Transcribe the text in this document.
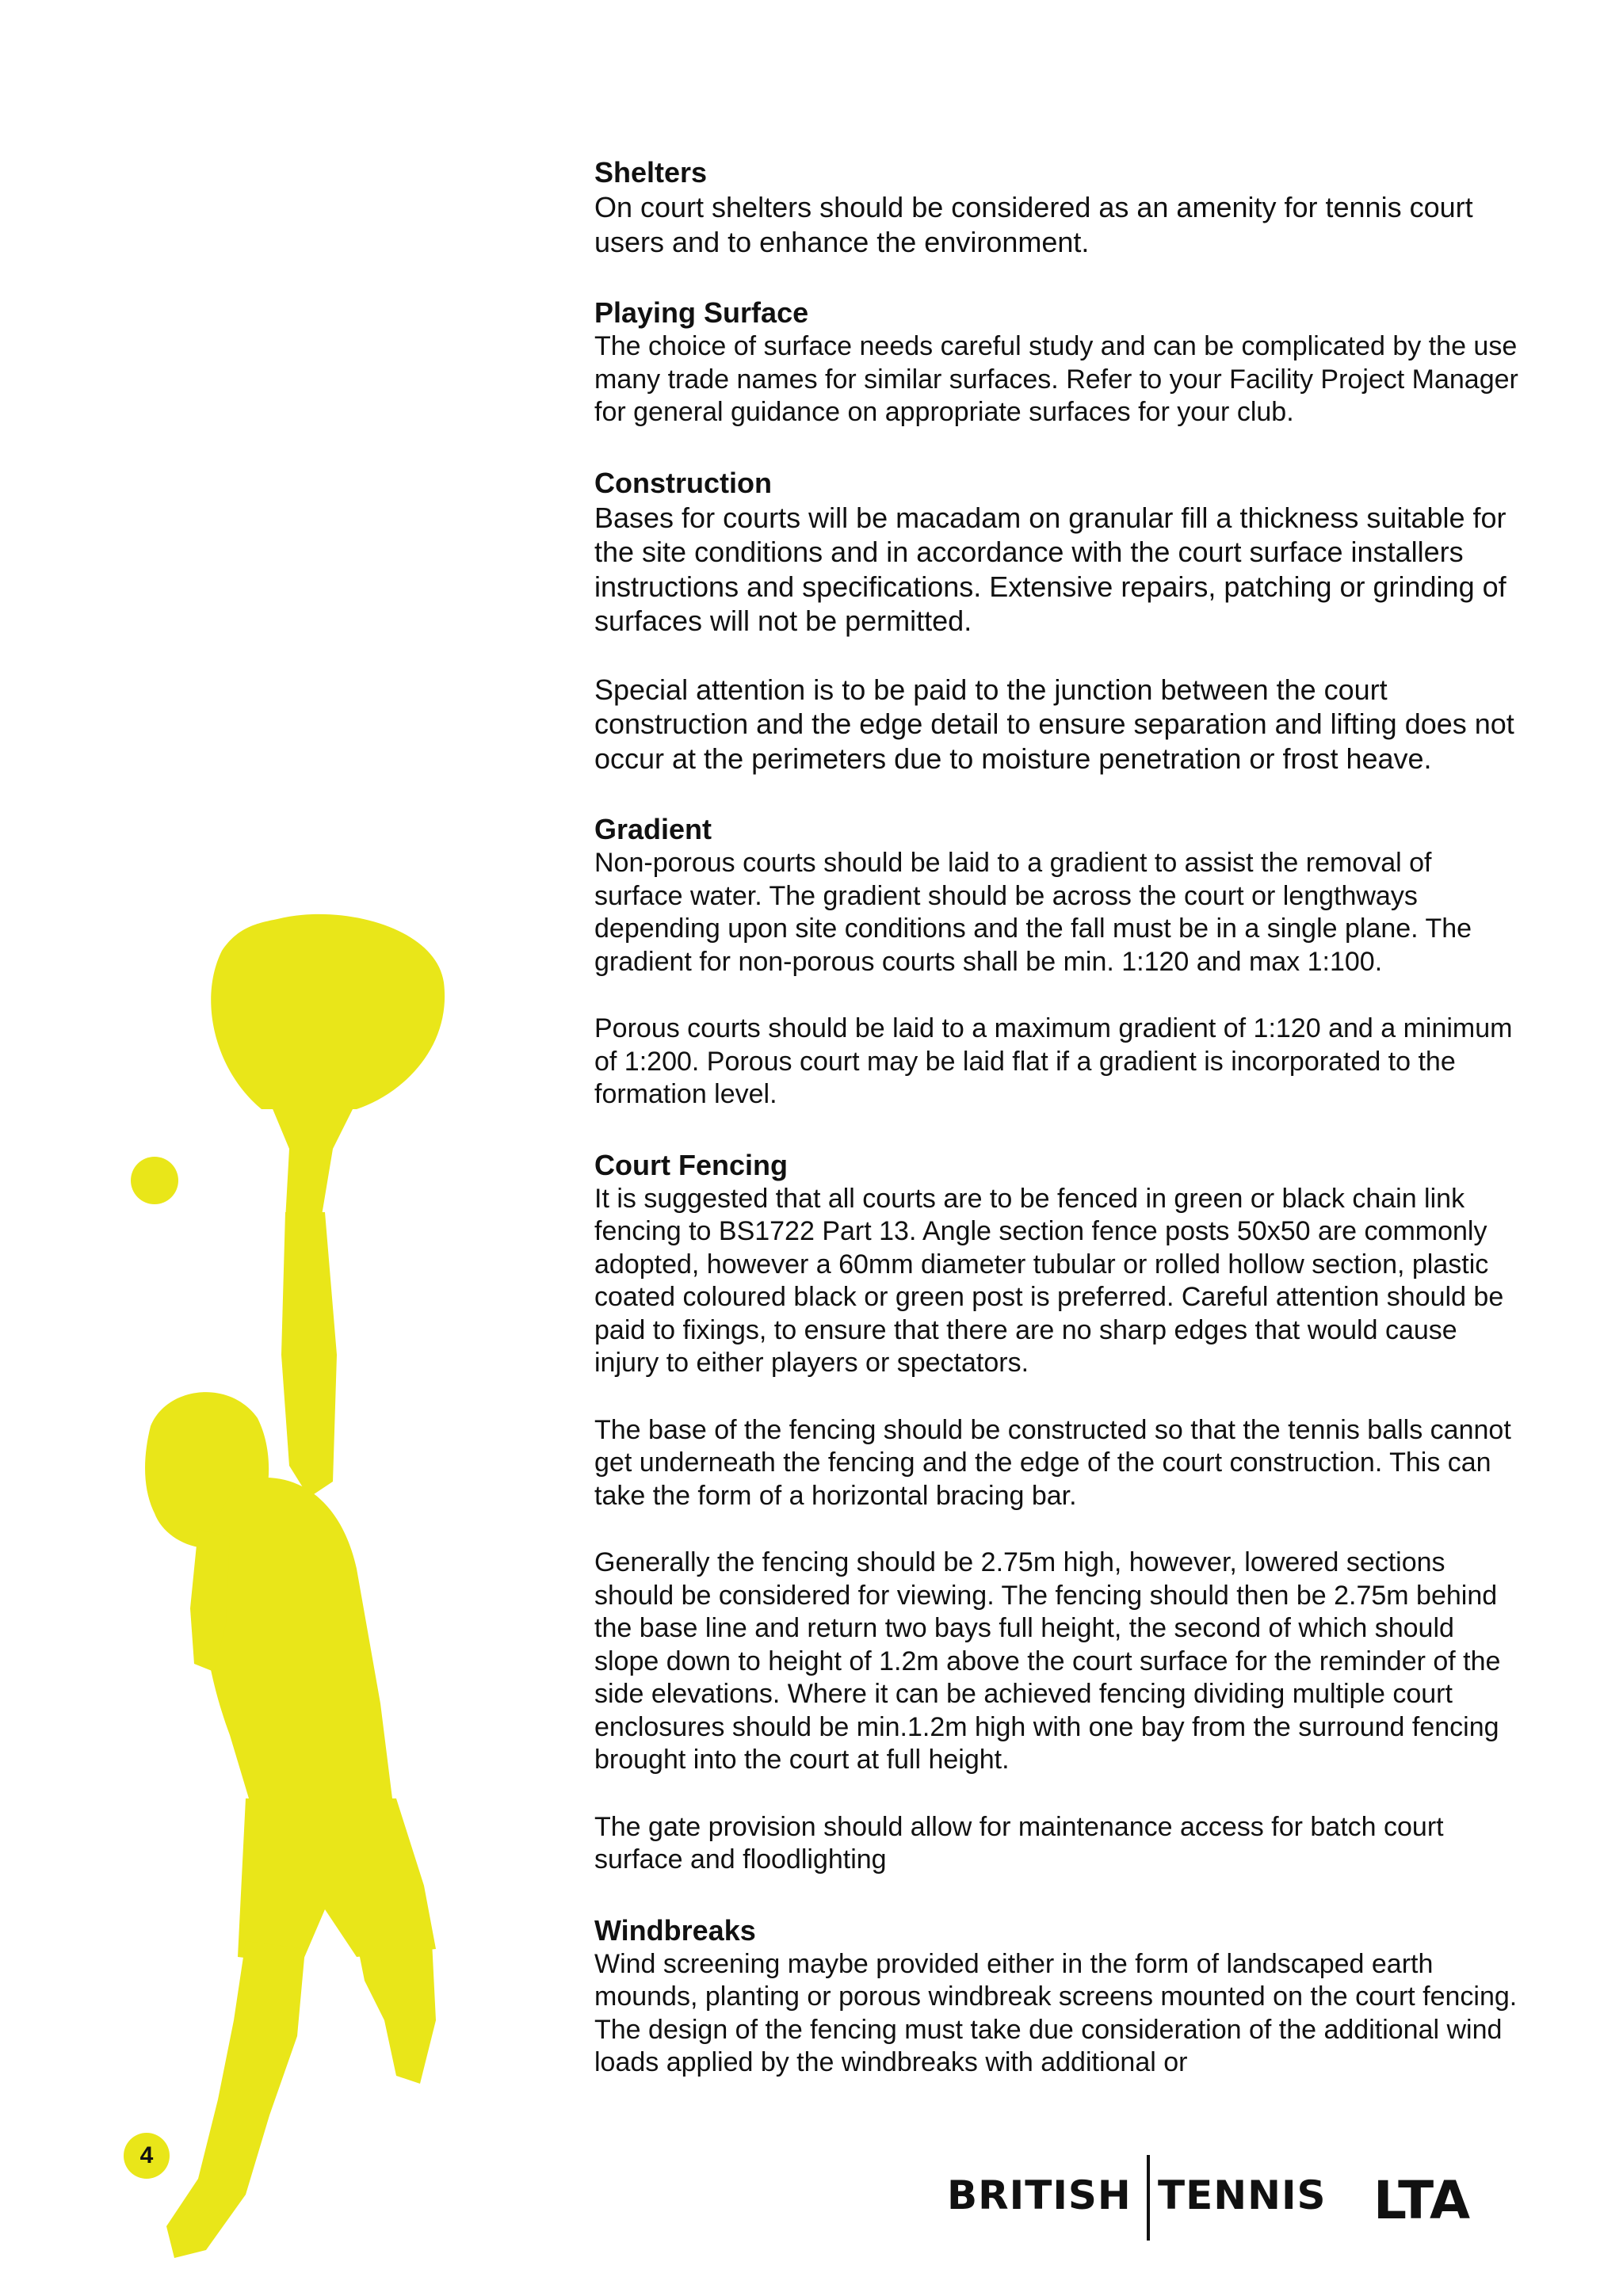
Shelters

On court shelters should be considered as an amenity for tennis court users and to enhance the environment.

Playing Surface

The choice of surface needs careful study and can be complicated by the use many trade names for similar surfaces. Refer to your Facility Project Manager for general guidance on appropriate surfaces for your club.

Construction

Bases for courts will be macadam on granular fill a thickness suitable for the site conditions and in accordance with the court surface installers instructions and specifications. Extensive repairs, patching or grinding of surfaces will not be permitted.

Special attention is to be paid to the junction between the court construction and the edge detail to ensure separation and lifting does not occur at the perimeters due to moisture penetration or frost heave.

Gradient

Non-porous courts should be laid to a gradient to assist the removal of surface water. The gradient should be across the court or lengthways depending upon site conditions and the fall must be in a single plane. The gradient for non-porous courts shall be min. 1:120 and max 1:100.

Porous courts should be laid to a maximum gradient of 1:120 and a minimum of 1:200. Porous court may be laid flat if a gradient is incorporated to the formation level.

Court Fencing

It is suggested that all courts are to be fenced in green or black chain link fencing to BS1722 Part 13. Angle section fence posts 50x50 are commonly adopted, however a 60mm diameter tubular or rolled hollow section, plastic coated coloured black or green post is preferred. Careful attention should be paid to fixings, to ensure that there are no sharp edges that would cause injury to either players or spectators.

The base of the fencing should be constructed so that the tennis balls cannot get underneath the fencing and the edge of the court construction. This can take the form of a horizontal bracing bar.

Generally the fencing should be 2.75m high, however, lowered sections should be considered for viewing. The fencing should then be 2.75m behind the base line and return two bays full height, the second of which should slope down to height of 1.2m above the court surface for the reminder of the side elevations. Where it can be achieved fencing dividing multiple court enclosures should be min.1.2m high with one bay from the surround fencing brought into the court at full height.

The gate provision should allow for maintenance access for batch court surface and floodlighting

Windbreaks

Wind screening maybe provided either in the form of landscaped earth mounds, planting or porous windbreak screens mounted on the court fencing. The design of the fencing must take due consideration of the additional wind loads applied by the windbreaks with additional or

4
BRITISH TENNIS LTA
